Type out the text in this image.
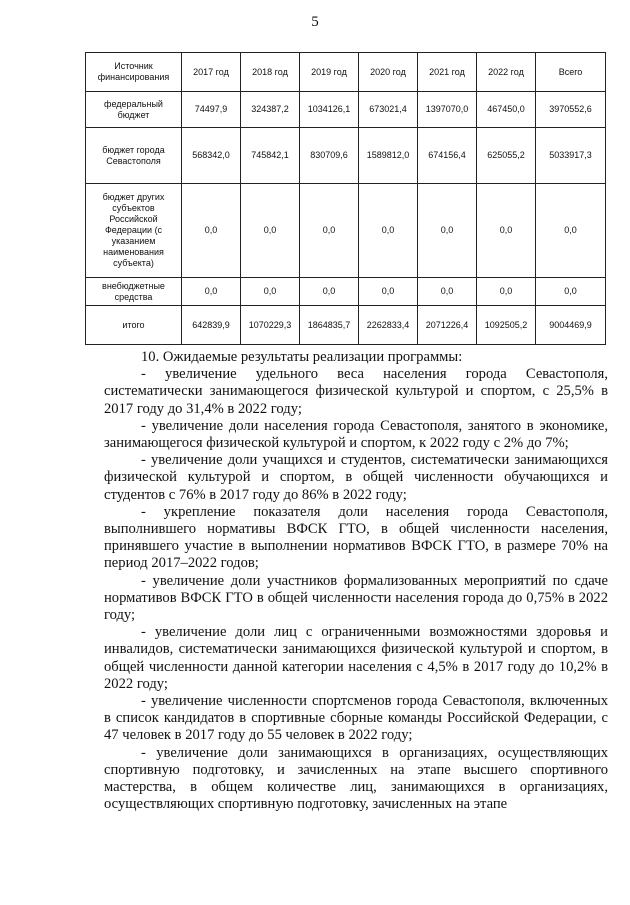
5
Источник финансирования	2017 год	2018 год	2019 год	2020 год	2021 год	2022 год	Всего
федеральный бюджет	74497,9	324387,2	1034126,1	673021,4	1397070,0	467450,0	3970552,6
бюджет города Севастополя	568342,0	745842,1	830709,6	1589812,0	674156,4	625055,2	5033917,3
бюджет других субъектов Российской Федерации (с указанием наименования субъекта)	0,0	0,0	0,0	0,0	0,0	0,0	0,0
внебюджетные средства	0,0	0,0	0,0	0,0	0,0	0,0	0,0
итого	642839,9	1070229,3	1864835,7	2262833,4	2071226,4	1092505,2	9004469,9

10. Ожидаемые результаты реализации программы:

- увеличение удельного веса населения города Севастополя, систематически занимающегося физической культурой и спортом, с 25,5% в 2017 году до 31,4% в 2022 году;

- увеличение доли населения города Севастополя, занятого в экономике, занимающегося физической культурой и спортом, к 2022 году с 2% до 7%;

- увеличение доли учащихся и студентов, систематически занимающихся физической культурой и спортом, в общей численности обучающихся и студентов с 76% в 2017 году до 86% в 2022 году;

- укрепление показателя доли населения города Севастополя, выполнившего нормативы ВФСК ГТО, в общей численности населения, принявшего участие в выполнении нормативов ВФСК ГТО, в размере 70% на период 2017–2022 годов;

- увеличение доли участников формализованных мероприятий по сдаче нормативов ВФСК ГТО в общей численности населения города до 0,75% в 2022 году;

- увеличение доли лиц с ограниченными возможностями здоровья и инвалидов, систематически занимающихся физической культурой и спортом, в общей численности данной категории населения с 4,5% в 2017 году до 10,2% в 2022 году;

- увеличение численности спортсменов города Севастополя, включенных в список кандидатов в спортивные сборные команды Российской Федерации, с 47 человек в 2017 году до 55 человек в 2022 году;

- увеличение доли занимающихся в организациях, осуществляющих спортивную подготовку, и зачисленных на этапе высшего спортивного мастерства, в общем количестве лиц, занимающихся в организациях, осуществляющих спортивную подготовку, зачисленных на этапе
